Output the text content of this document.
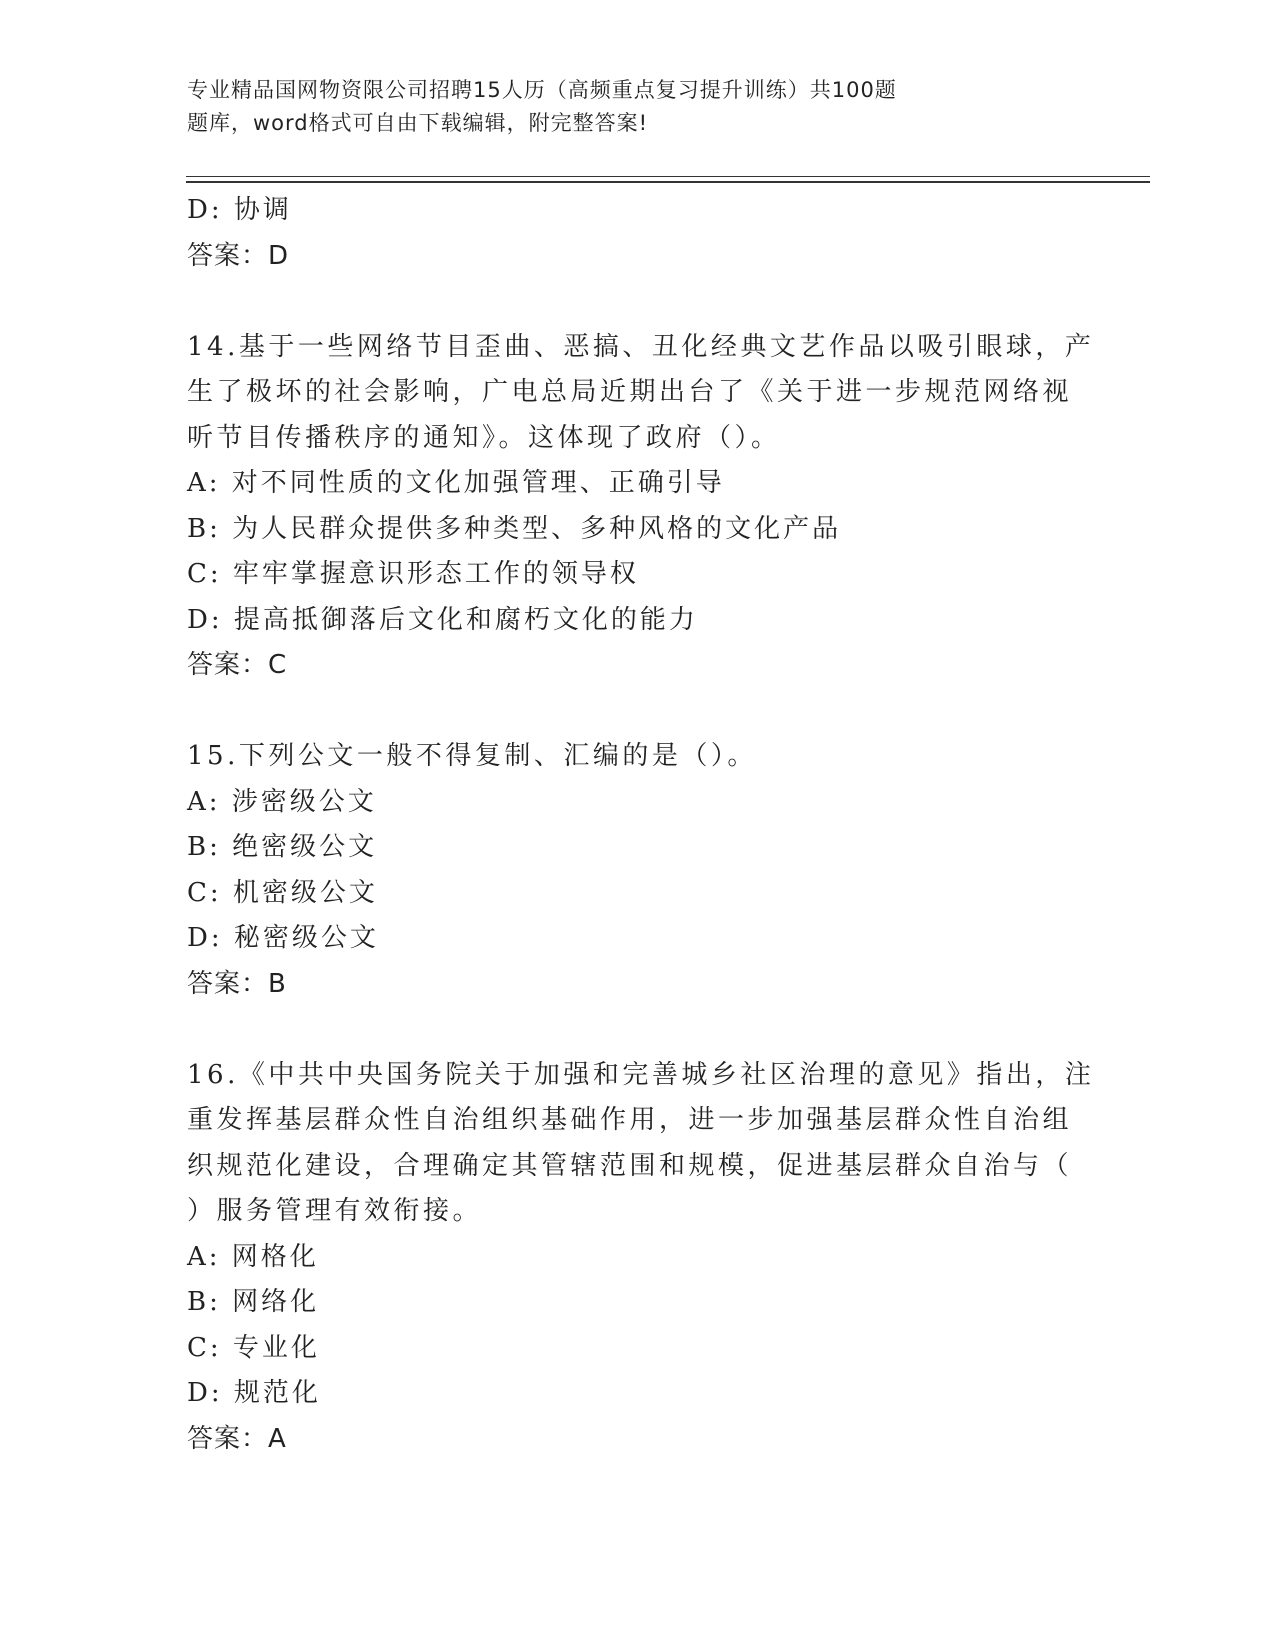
专业精品国网物资限公司招聘15人历（高频重点复习提升训练）共100题
题库，word格式可自由下载编辑，附完整答案!
D: 协调
答案：D
14.基于一些网络节目歪曲、恶搞、丑化经典文艺作品以吸引眼球，产
生了极坏的社会影响，广电总局近期出台了《关于进一步规范网络视
听节目传播秩序的通知》。这体现了政府（）。
A: 对不同性质的文化加强管理、正确引导
B: 为人民群众提供多种类型、多种风格的文化产品
C: 牢牢掌握意识形态工作的领导权
D: 提高抵御落后文化和腐朽文化的能力
答案：C
15.下列公文一般不得复制、汇编的是（）。
A: 涉密级公文
B: 绝密级公文
C: 机密级公文
D: 秘密级公文
答案：B
16.《中共中央国务院关于加强和完善城乡社区治理的意见》指出，注
重发挥基层群众性自治组织基础作用，进一步加强基层群众性自治组
织规范化建设，合理确定其管辖范围和规模，促进基层群众自治与（
）服务管理有效衔接。
A: 网格化
B: 网络化
C: 专业化
D: 规范化
答案：A
